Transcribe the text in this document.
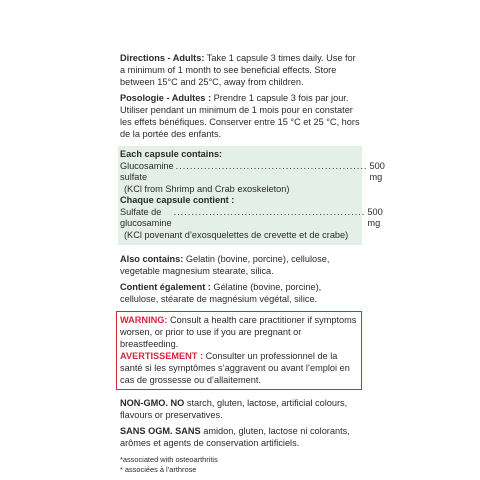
Directions - Adults: Take 1 capsule 3 times daily. Use for a minimum of 1 month to see beneficial effects. Store between 15°C and 25°C, away from children.

Posologie - Adultes : Prendre 1 capsule 3 fois par jour. Utiliser pendant un minimum de 1 mois pour en constater les effets bénéfiques. Conserver entre 15 °C et 25 °C, hors de la portée des enfants.

Each capsule contains:
Glucosamine sulfate
...................................................... 500 mg
(KCl from Shrimp and Crab exoskeleton)
Chaque capsule contient :
Sulfate de glucosamine
...................................................... 500 mg
(KCl povenant d’exosquelettes de crevette et de crabe)

Also contains: Gelatin (bovine, porcine), cellulose, vegetable magnesium stearate, silica.

Contient également : Gélatine (bovine, porcine), cellulose, stéarate de magnésium végétal, silice.

WARNING: Consult a health care practitioner if symptoms worsen, or prior to use if you are pregnant or breastfeeding.
AVERTISSEMENT : Consulter un professionnel de la santé si les symptômes s’aggravent ou avant l’emploi en cas de grossesse ou d’allaitement.

NON-GMO. NO starch, gluten, lactose, artificial colours, flavours or preservatives.

SANS OGM. SANS amidon, gluten, lactose ni colorants, arômes et agents de conservation artificiels.

*associated with osteoarthritis
* associées à l’arthrose
